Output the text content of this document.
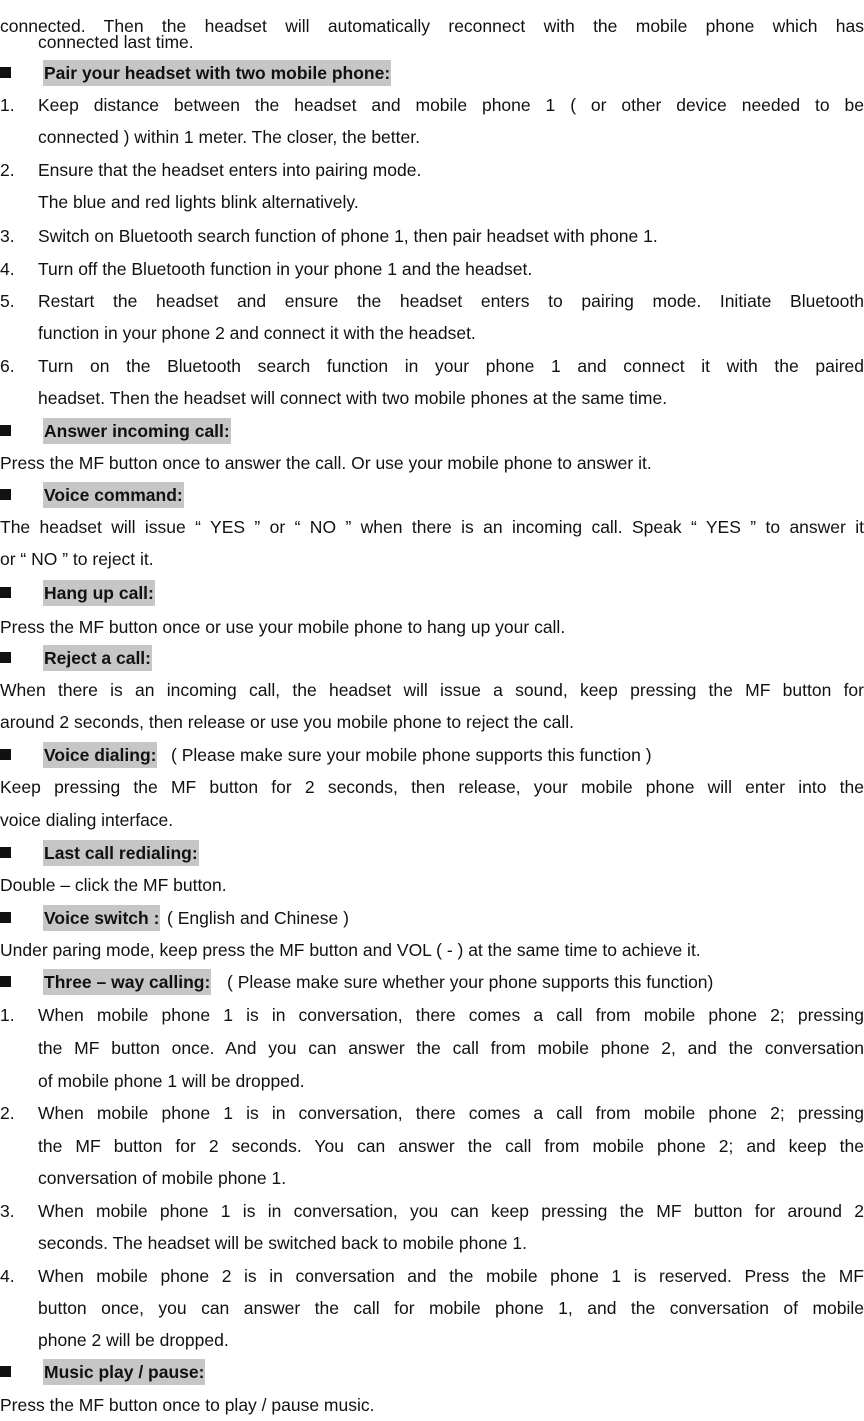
connected. Then the headset will automatically reconnect with the mobile phone which has
connected last time.
Pair your headset with two mobile phone:
1.	Keep distance between the headset and mobile phone 1 ( or other device needed to be
connected ) within 1 meter. The closer, the better.
2.	Ensure that the headset enters into pairing mode.
The blue and red lights blink alternatively.
3.	Switch on Bluetooth search function of phone 1, then pair headset with phone 1.
4.	Turn off the Bluetooth function in your phone 1 and the headset.
5.	Restart the headset and ensure the headset enters to pairing mode. Initiate Bluetooth
function in your phone 2 and connect it with the headset.
6.	Turn on the Bluetooth search function in your phone 1 and connect it with the paired
headset. Then the headset will connect with two mobile phones at the same time.
Answer incoming call:
Press the MF button once to answer the call. Or use your mobile phone to answer it.
Voice command:
The headset will issue “ YES ” or “ NO ” when there is an incoming call. Speak “ YES ” to answer it
or “ NO ” to reject it.
Hang up call:
Press the MF button once or use your mobile phone to hang up your call.
Reject a call:
When there is an incoming call, the headset will issue a sound, keep pressing the MF button for
around 2 seconds, then release or use you mobile phone to reject the call.
Voice dialing: ( Please make sure your mobile phone supports this function )
Keep pressing the MF button for 2 seconds, then release, your mobile phone will enter into the
voice dialing interface.
Last call redialing:
Double – click the MF button.
Voice switch : ( English and Chinese )
Under paring mode, keep press the MF button and VOL ( - ) at the same time to achieve it.
Three – way calling: ( Please make sure whether your phone supports this function)
1.	When mobile phone 1 is in conversation, there comes a call from mobile phone 2; pressing
the MF button once. And you can answer the call from mobile phone 2, and the conversation
of mobile phone 1 will be dropped.
2.	When mobile phone 1 is in conversation, there comes a call from mobile phone 2; pressing
the MF button for 2 seconds. You can answer the call from mobile phone 2; and keep the
conversation of mobile phone 1.
3.	When mobile phone 1 is in conversation, you can keep pressing the MF button for around 2
seconds. The headset will be switched back to mobile phone 1.
4.	When mobile phone 2 is in conversation and the mobile phone 1 is reserved. Press the MF
button once, you can answer the call for mobile phone 1, and the conversation of mobile
phone 2 will be dropped.
Music play / pause:
Press the MF button once to play / pause music.
